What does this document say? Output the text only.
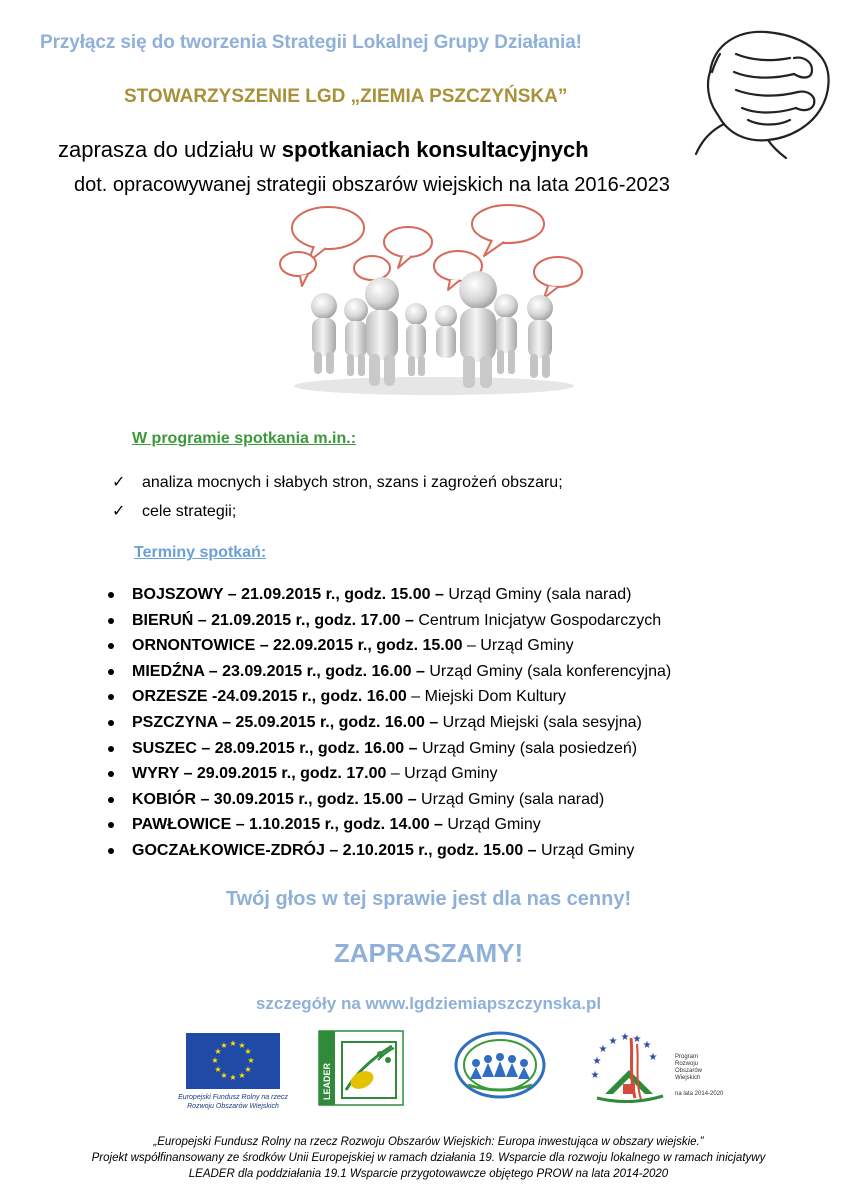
Przyłącz się do tworzenia Strategii Lokalnej Grupy Działania!
STOWARZYSZENIE LGD „ZIEMIA PSZCZYŃSKA”
zaprasza do udziału w spotkaniach konsultacyjnych
dot. opracowywanej strategii obszarów wiejskich na lata 2016-2023
W programie spotkania m.in.:
✓ analiza mocnych i słabych stron, szans i zagrożeń obszaru;
✓ cele strategii;
Terminy spotkań:
BOJSZOWY – 21.09.2015 r., godz. 15.00 – Urząd Gminy (sala narad)
BIERUŃ – 21.09.2015 r., godz. 17.00 – Centrum Inicjatyw Gospodarczych
ORNONTOWICE – 22.09.2015 r., godz. 15.00 – Urząd Gminy
MIEDŹNA – 23.09.2015 r., godz. 16.00 – Urząd Gminy (sala konferencyjna)
ORZESZE -24.09.2015 r., godz. 16.00 – Miejski Dom Kultury
PSZCZYNA – 25.09.2015 r., godz. 16.00 – Urząd Miejski (sala sesyjna)
SUSZEC – 28.09.2015 r., godz. 16.00 – Urząd Gminy (sala posiedzeń)
WYRY – 29.09.2015 r., godz. 17.00 – Urząd Gminy
KOBIÓR – 30.09.2015 r., godz. 15.00 – Urząd Gminy (sala narad)
PAWŁOWICE – 1.10.2015 r., godz. 14.00 – Urząd Gminy
GOCZAŁKOWICE-ZDRÓJ – 2.10.2015 r., godz. 15.00 – Urząd Gminy
Twój głos w tej sprawie jest dla nas cenny!
ZAPRASZAMY!
szczegóły na www.lgdziemiapszczynska.pl
★ ★
★
★
★
★
★
★
★
★
★
★
Europejski Fundusz Rolny na rzecz Rozwoju Obszarów Wiejskich
LEADER
★
★ ★ ★
★
★
★
★
Program
Rozwoju
Obszarów
Wiejskich
na lata 2014-2020
„Europejski Fundusz Rolny na rzecz Rozwoju Obszarów Wiejskich: Europa inwestująca w obszary wiejskie.”
Projekt współfinansowany ze środków Unii Europejskiej w ramach działania 19. Wsparcie dla rozwoju lokalnego w ramach inicjatywy
LEADER dla poddziałania 19.1 Wsparcie przygotowawcze objętego PROW na lata 2014-2020
